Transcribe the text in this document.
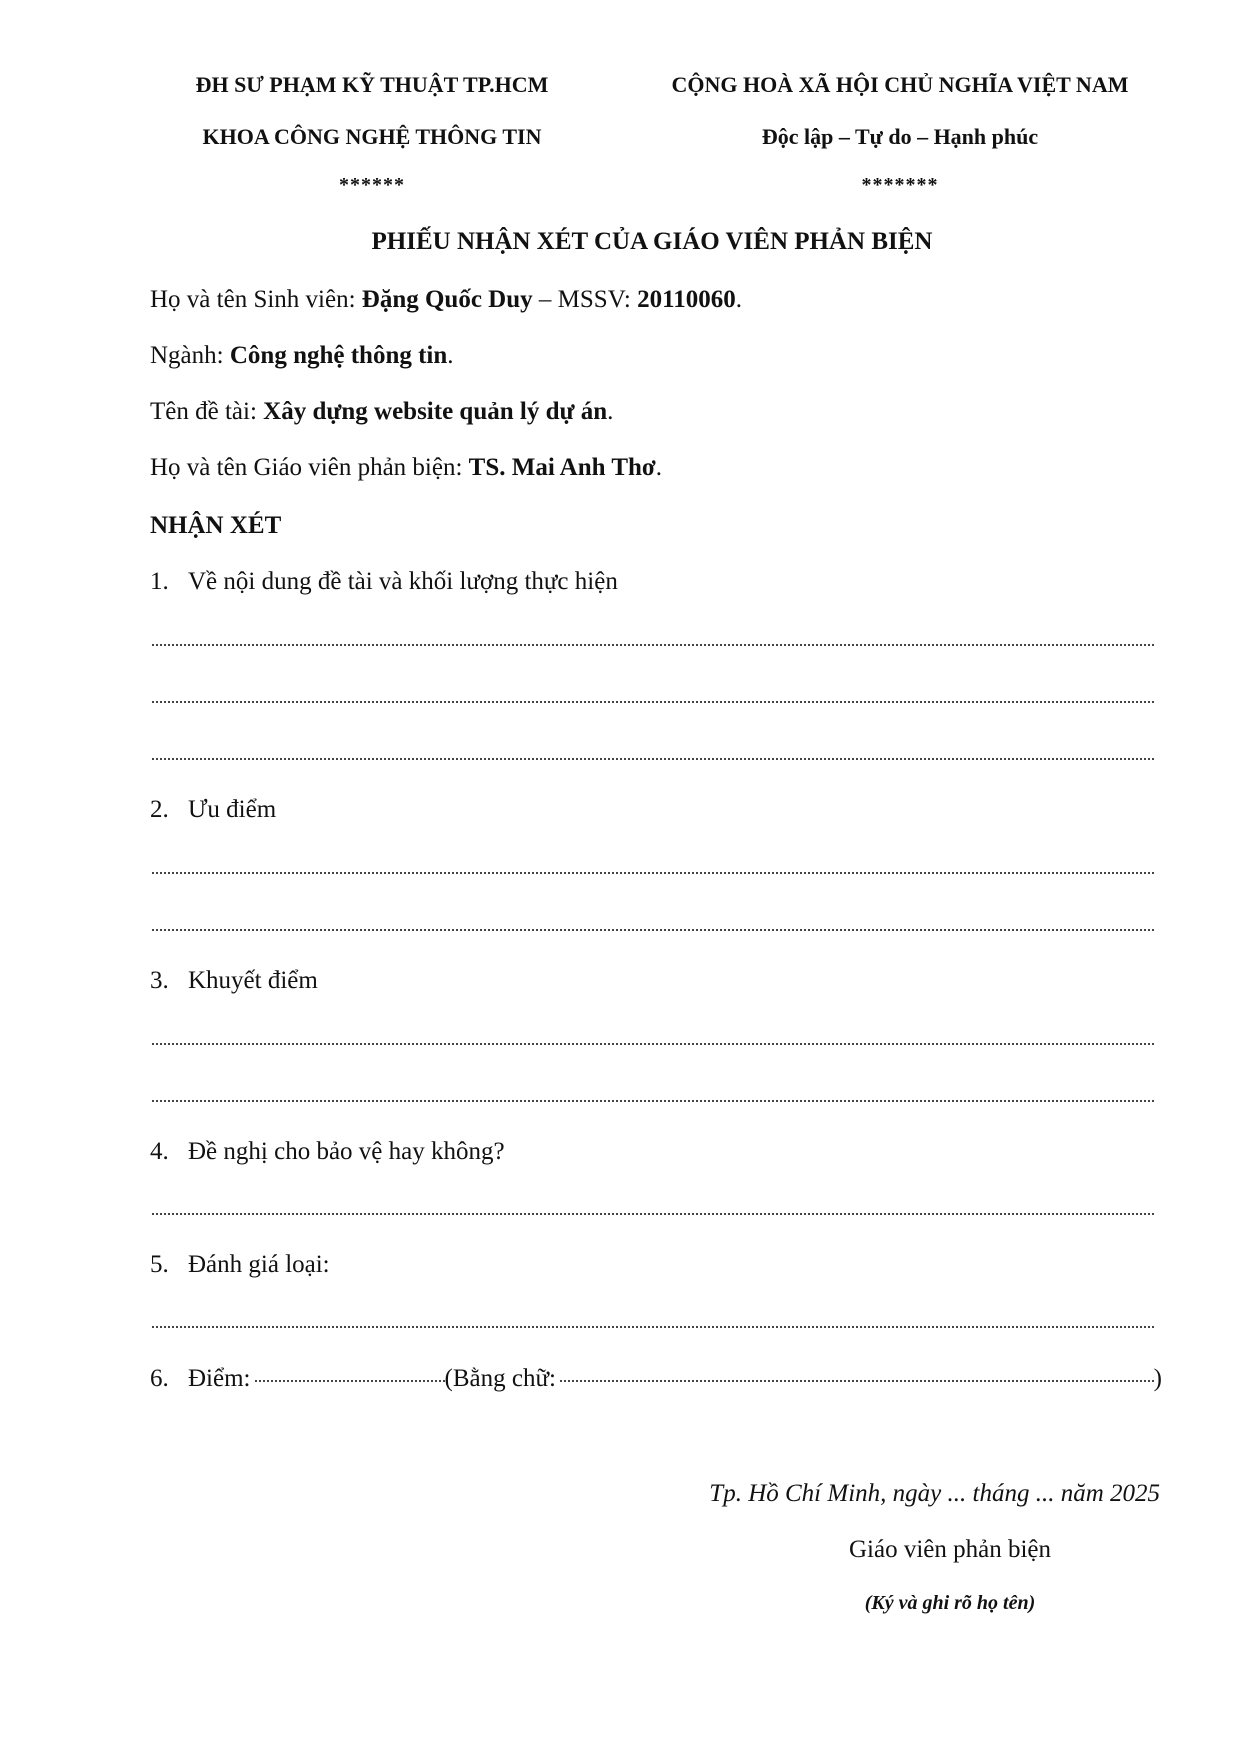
ĐH SƯ PHẠM KỸ THUẬT TP.HCM
KHOA CÔNG NGHỆ THÔNG TIN
******
CỘNG HOÀ XÃ HỘI CHỦ NGHĨA VIỆT NAM
Độc lập – Tự do – Hạnh phúc
*******
PHIẾU NHẬN XÉT CỦA GIÁO VIÊN PHẢN BIỆN
Họ và tên Sinh viên: Đặng Quốc Duy – MSSV: 20110060.
Ngành: Công nghệ thông tin.
Tên đề tài: Xây dựng website quản lý dự án.
Họ và tên Giáo viên phản biện: TS. Mai Anh Thơ.
NHẬN XÉT
1. Về nội dung đề tài và khối lượng thực hiện
2. Ưu điểm
3. Khuyết điểm
4. Đề nghị cho bảo vệ hay không?
5. Đánh giá loại:
6. Điểm:	(Bằng chữ:	)
Tp. Hồ Chí Minh, ngày ... tháng ... năm 2025
Giáo viên phản biện
(Ký và ghi rõ họ tên)
